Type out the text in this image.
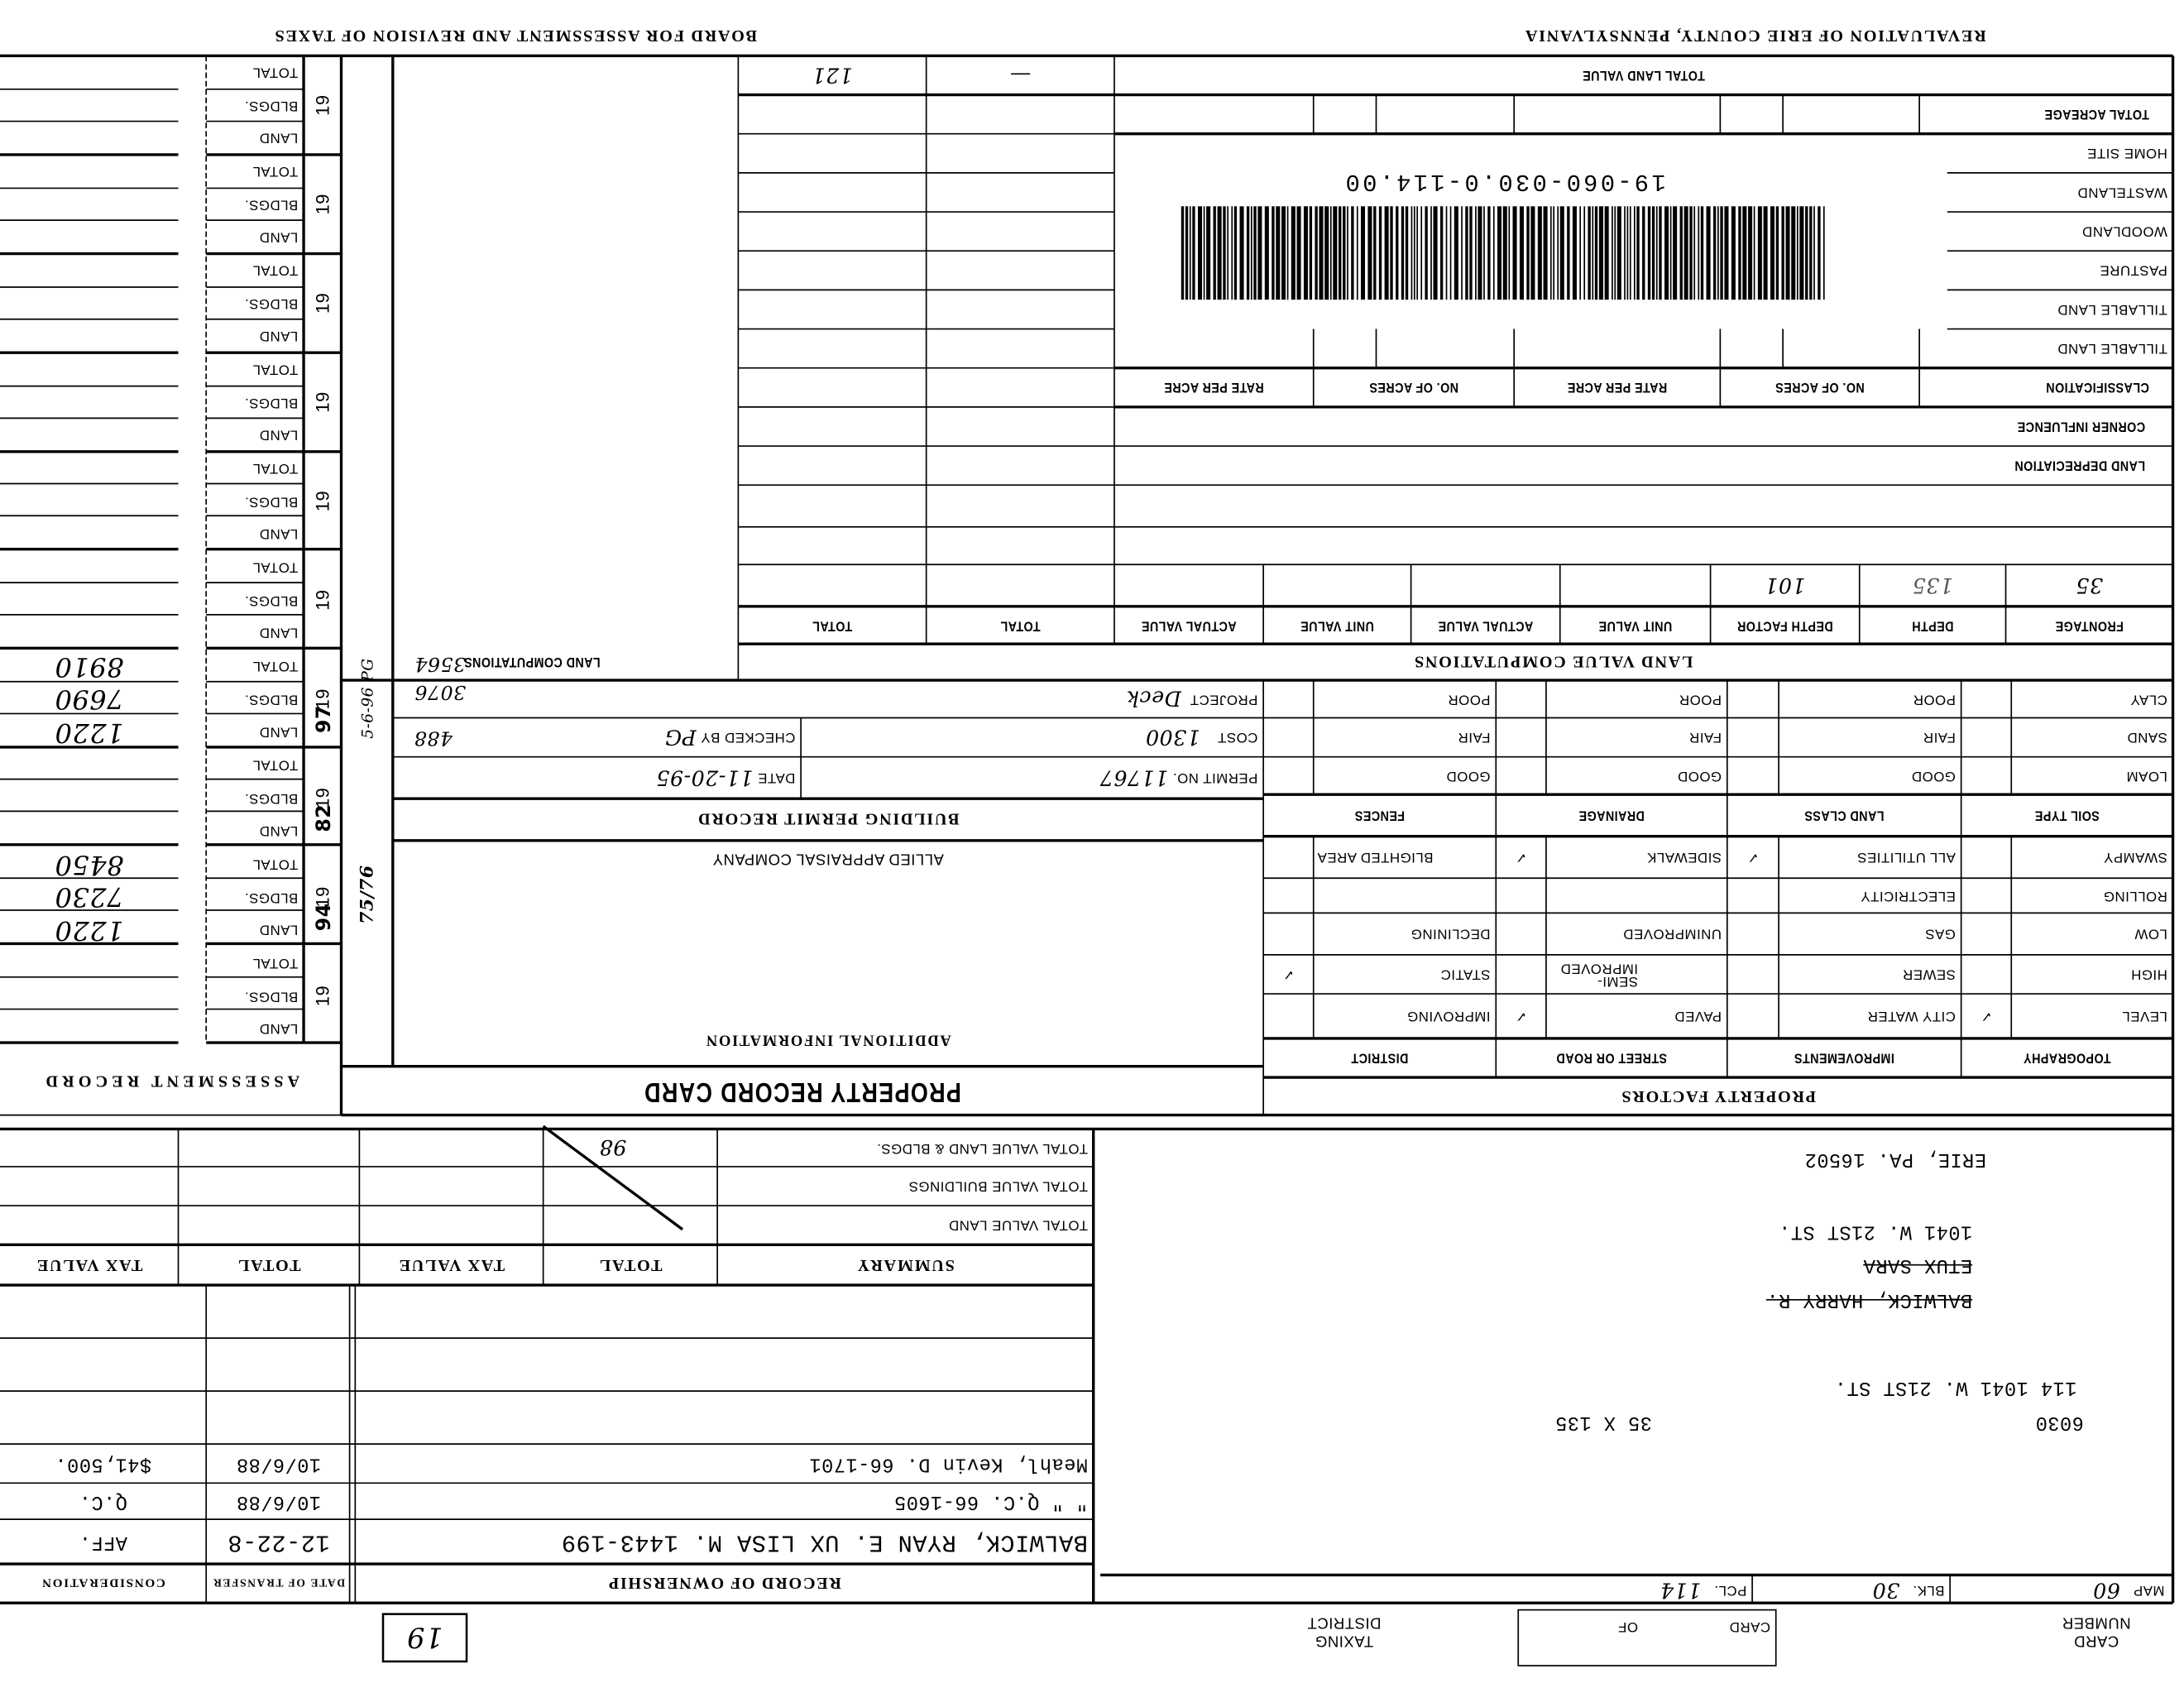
REVALUATION OF ERIE COUNTY, PENNSYLVANIA
BOARD FOR ASSESSMENT AND REVISION OF TAXES
TOTAL LAND VALUE
121	—
TOTAL ACREAGE
HOME SITE
WASTELAND
WOODLAND
PASTURE
TILLABLE LAND
TILLABLE LAND
19-060-030.0-114.00
CLASSIFICATION
NO. OF ACRES
RATE PER ACRE
NO. OF ACRES
RATE PER ACRE
CORNER INFLUENCE
LAND DEPRECIATION
35
135
101
FRONTAGE
DEPTH
DEPTH FACTOR
UNIT VALUE
ACTUAL VALUE
UNIT VALUE
ACTUAL VALUE
TOTAL
TOTAL
LAND VALUE COMPUTATIONS
LAND COMPUTATIONS
CLAY
POOR
POOR
POOR
SAND
FAIR
FAIR
FAIR
LOAM
GOOD
GOOD
GOOD
SOIL TYPE
LAND CLASS
DRAINAGE
FENCES
SWAMPY
ALL UTILITIES
✓
SIDEWALK
✓
BLIGHTED AREA
ROLLING
ELECTRICITY
LOW
GAS
UNIMPROVED
DECLINING
HIGH
SEWER
SEMI-IMPROVED
STATIC
✓
LEVEL
✓
CITY WATER
PAVED
✓
IMPROVING
TOPOGRAPHY
IMPROVEMENTS
STREET OR ROAD
DISTRICT
PROPERTY FACTORS
PROJECT

Deck
COST

1300
CHECKED BY

PG
PERMIT NO.

11767
DATE

11-20-95
3564
3076
488
BUILDING PERMIT RECORD
ALLIED APPRAISAL COMPANY
ADDITIONAL INFORMATION
PROPERTY RECORD CARD
TOTAL
BLDGS.
LAND
19
TOTAL
BLDGS.
LAND
19
TOTAL
BLDGS.
LAND
19
TOTAL
BLDGS.
LAND
19
TOTAL
BLDGS.
LAND
19
TOTAL
BLDGS.
LAND
19
TOTAL
BLDGS.
LAND
19
97
8910
7690
1220
TOTAL
BLDGS.
LAND
19
82
TOTAL
BLDGS.
LAND
19
94
8450
7230
1220
TOTAL
BLDGS.
LAND
19
ASSESSMENT RECORD
5-6-96 PG
75/76
TOTAL VALUE LAND & BLDGS.
TOTAL VALUE BUILDINGS
TOTAL VALUE LAND
98
SUMMARY
TOTAL
TAX VALUE
TOTAL
TAX VALUE
Meahl, Kevin D. 66-1701
10/6/88
$41,500.
" " Q.C. 66-1605
10/6/88
Q.C.
BALWICK, RYAN E. UX LISA M. 1443-199
12-22-8
AFF.
RECORD OF OWNERSHIP
DATE OF TRANSFER
CONSIDERATION
ERIE, PA. 16502
1041 W. 21ST ST.
ETUX SARA
BALWICK, HARRY R.
114 1041 W. 21ST ST.
6030
35 X 135
MAP

60
BLK.

30
PCL.

114
CARD NUMBER
CARD
OF
TAXING DISTRICT
19
